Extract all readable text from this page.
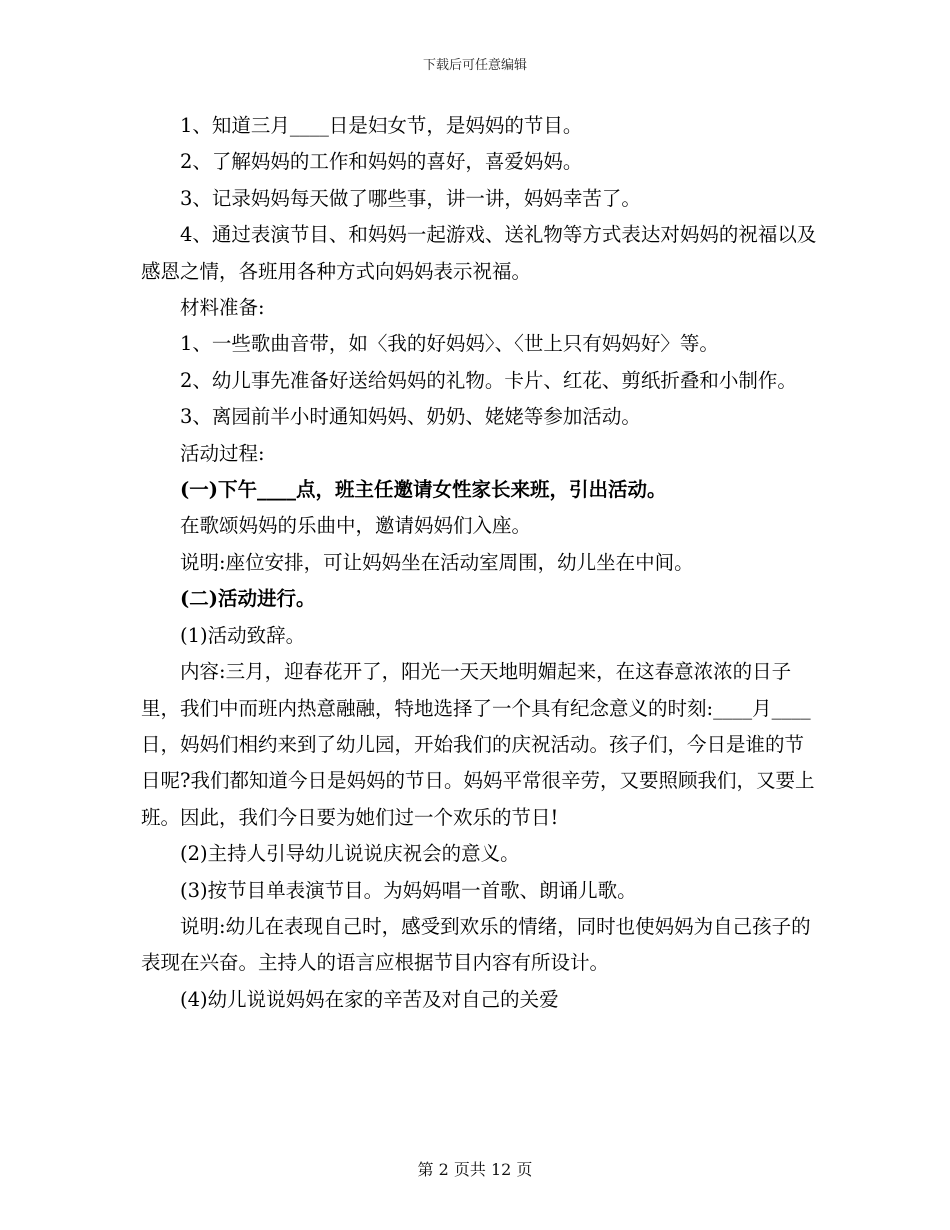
下载后可任意编辑

1、知道三月____日是妇女节，是妈妈的节目。

2、了解妈妈的工作和妈妈的喜好，喜爱妈妈。

3、记录妈妈每天做了哪些事，讲一讲，妈妈幸苦了。

4、通过表演节目、和妈妈一起游戏、送礼物等方式表达对妈妈的祝福以及感恩之情，各班用各种方式向妈妈表示祝福。

材料准备:

1、一些歌曲音带，如〈我的好妈妈〉、〈世上只有妈妈好〉等。

2、幼儿事先准备好送给妈妈的礼物。卡片、红花、剪纸折叠和小制作。

3、离园前半小时通知妈妈、奶奶、姥姥等参加活动。

活动过程:

(一)下午____点，班主任邀请女性家长来班，引出活动。

在歌颂妈妈的乐曲中，邀请妈妈们入座。

说明:座位安排，可让妈妈坐在活动室周围，幼儿坐在中间。

(二)活动进行。

(1)活动致辞。

内容:三月，迎春花开了，阳光一天天地明媚起来，在这春意浓浓的日子里，我们中而班内热意融融，特地选择了一个具有纪念意义的时刻:____月____日，妈妈们相约来到了幼儿园，开始我们的庆祝活动。孩子们，今日是谁的节日呢?我们都知道今日是妈妈的节日。妈妈平常很辛劳，又要照顾我们，又要上班。因此，我们今日要为她们过一个欢乐的节日!

(2)主持人引导幼儿说说庆祝会的意义。

(3)按节目单表演节目。为妈妈唱一首歌、朗诵儿歌。

说明:幼儿在表现自己时，感受到欢乐的情绪，同时也使妈妈为自己孩子的表现在兴奋。主持人的语言应根据节目内容有所设计。

(4)幼儿说说妈妈在家的辛苦及对自己的关爱

第 2 页共 12 页
